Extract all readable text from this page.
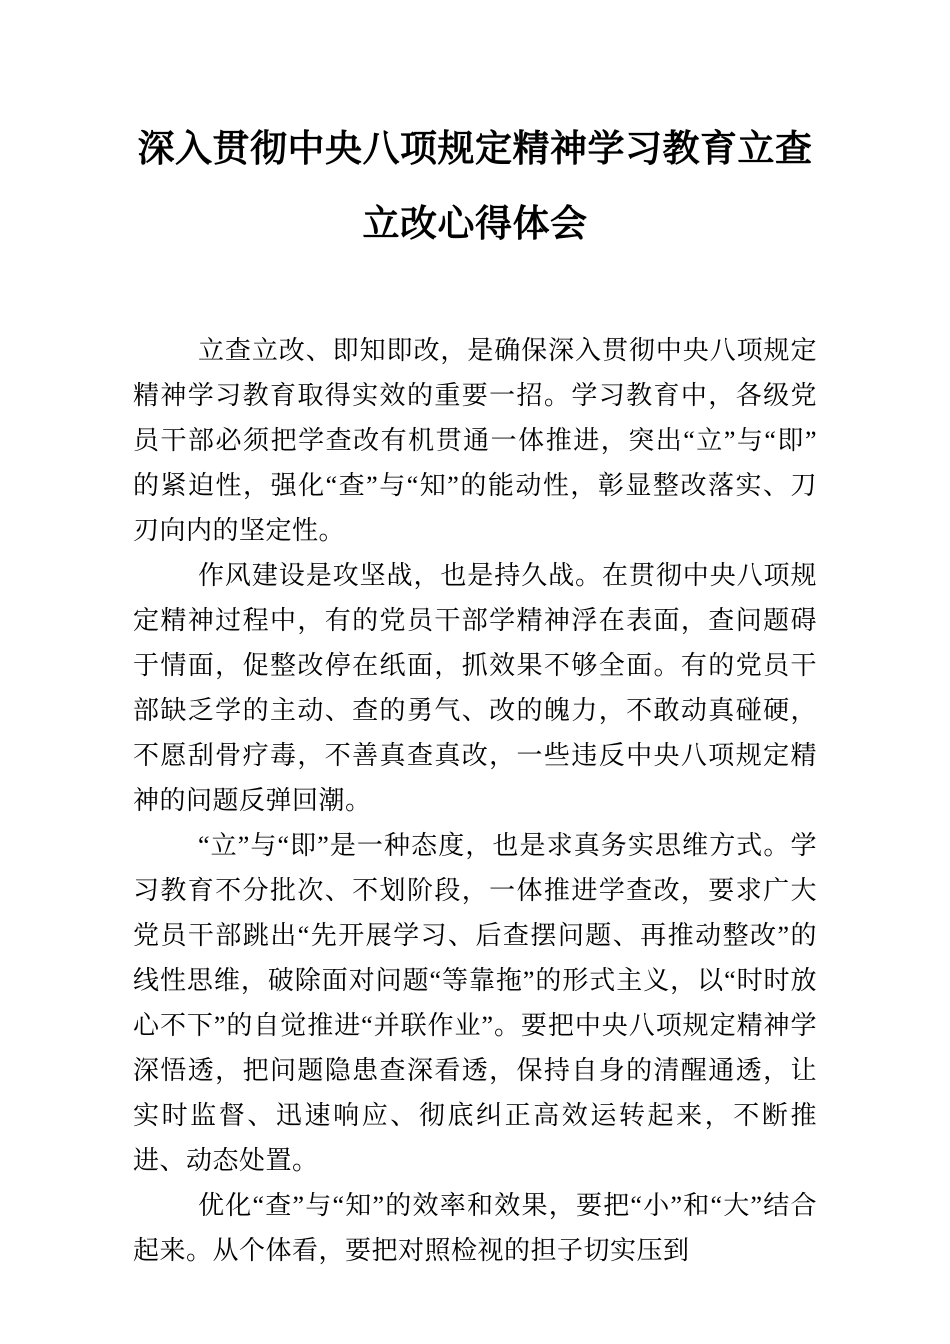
深入贯彻中央八项规定精神学习教育立查
立改心得体会

立查立改、即知即改，是确保深入贯彻中央八项规定精神学习教育取得实效的重要一招。学习教育中，各级党员干部必须把学查改有机贯通一体推进，突出“立”与“即”的紧迫性，强化“查”与“知”的能动性，彰显整改落实、刀刃向内的坚定性。

作风建设是攻坚战，也是持久战。在贯彻中央八项规定精神过程中，有的党员干部学精神浮在表面，查问题碍于情面，促整改停在纸面，抓效果不够全面。有的党员干部缺乏学的主动、查的勇气、改的魄力，不敢动真碰硬，不愿刮骨疗毒，不善真查真改，一些违反中央八项规定精神的问题反弹回潮。

“立”与“即”是一种态度，也是求真务实思维方式。学习教育不分批次、不划阶段，一体推进学查改，要求广大党员干部跳出“先开展学习、后查摆问题、再推动整改”的线性思维，破除面对问题“等靠拖”的形式主义，以“时时放心不下”的自觉推进“并联作业”。要把中央八项规定精神学深悟透，把问题隐患查深看透，保持自身的清醒通透，让实时监督、迅速响应、彻底纠正高效运转起来，不断推进、动态处置。

优化“查”与“知”的效率和效果，要把“小”和“大”结合起来。从个体看，要把对照检视的担子切实压到
